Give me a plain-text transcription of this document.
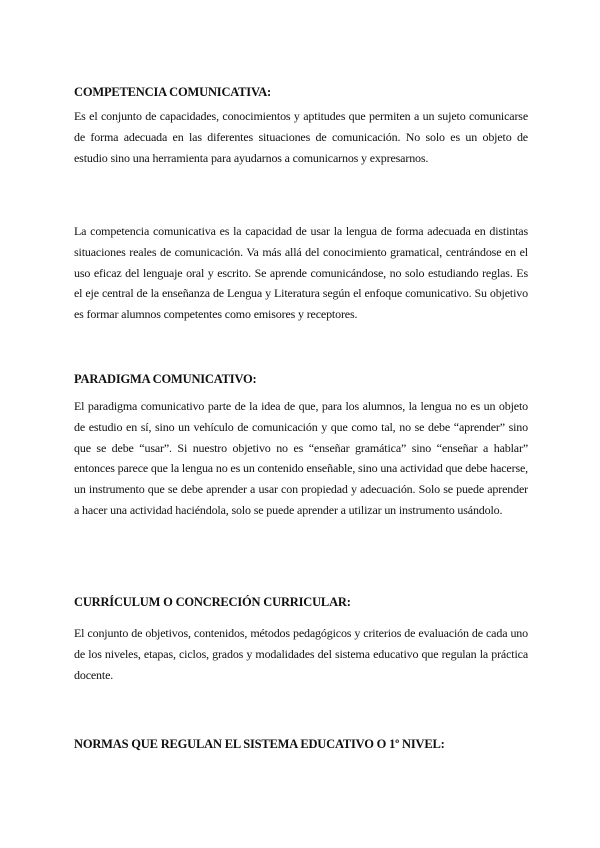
COMPETENCIA COMUNICATIVA:

Es el conjunto de capacidades, conocimientos y aptitudes que permiten a un sujeto comunicarse de forma adecuada en las diferentes situaciones de comunicación. No solo es un objeto de estudio sino una herramienta para ayudarnos a comunicarnos y expresarnos.

La competencia comunicativa es la capacidad de usar la lengua de forma adecuada en distintas situaciones reales de comunicación. Va más allá del conocimiento gramatical, centrándose en el uso eficaz del lenguaje oral y escrito. Se aprende comunicándose, no solo estudiando reglas. Es el eje central de la enseñanza de Lengua y Literatura según el enfoque comunicativo. Su objetivo es formar alumnos competentes como emisores y receptores.

PARADIGMA COMUNICATIVO:

El paradigma comunicativo parte de la idea de que, para los alumnos, la lengua no es un objeto de estudio en sí, sino un vehículo de comunicación y que como tal, no se debe “aprender” sino que se debe “usar”. Si nuestro objetivo no es “enseñar gramática” sino “enseñar a hablar” entonces parece que la lengua no es un contenido enseñable, sino una actividad que debe hacerse, un instrumento que se debe aprender a usar con propiedad y adecuación. Solo se puede aprender a hacer una actividad haciéndola, solo se puede aprender a utilizar un instrumento usándolo.

CURRÍCULUM O CONCRECIÓN CURRICULAR:

El conjunto de objetivos, contenidos, métodos pedagógicos y criterios de evaluación de cada uno de los niveles, etapas, ciclos, grados y modalidades del sistema educativo que regulan la práctica docente.

NORMAS QUE REGULAN EL SISTEMA EDUCATIVO O 1º NIVEL:
